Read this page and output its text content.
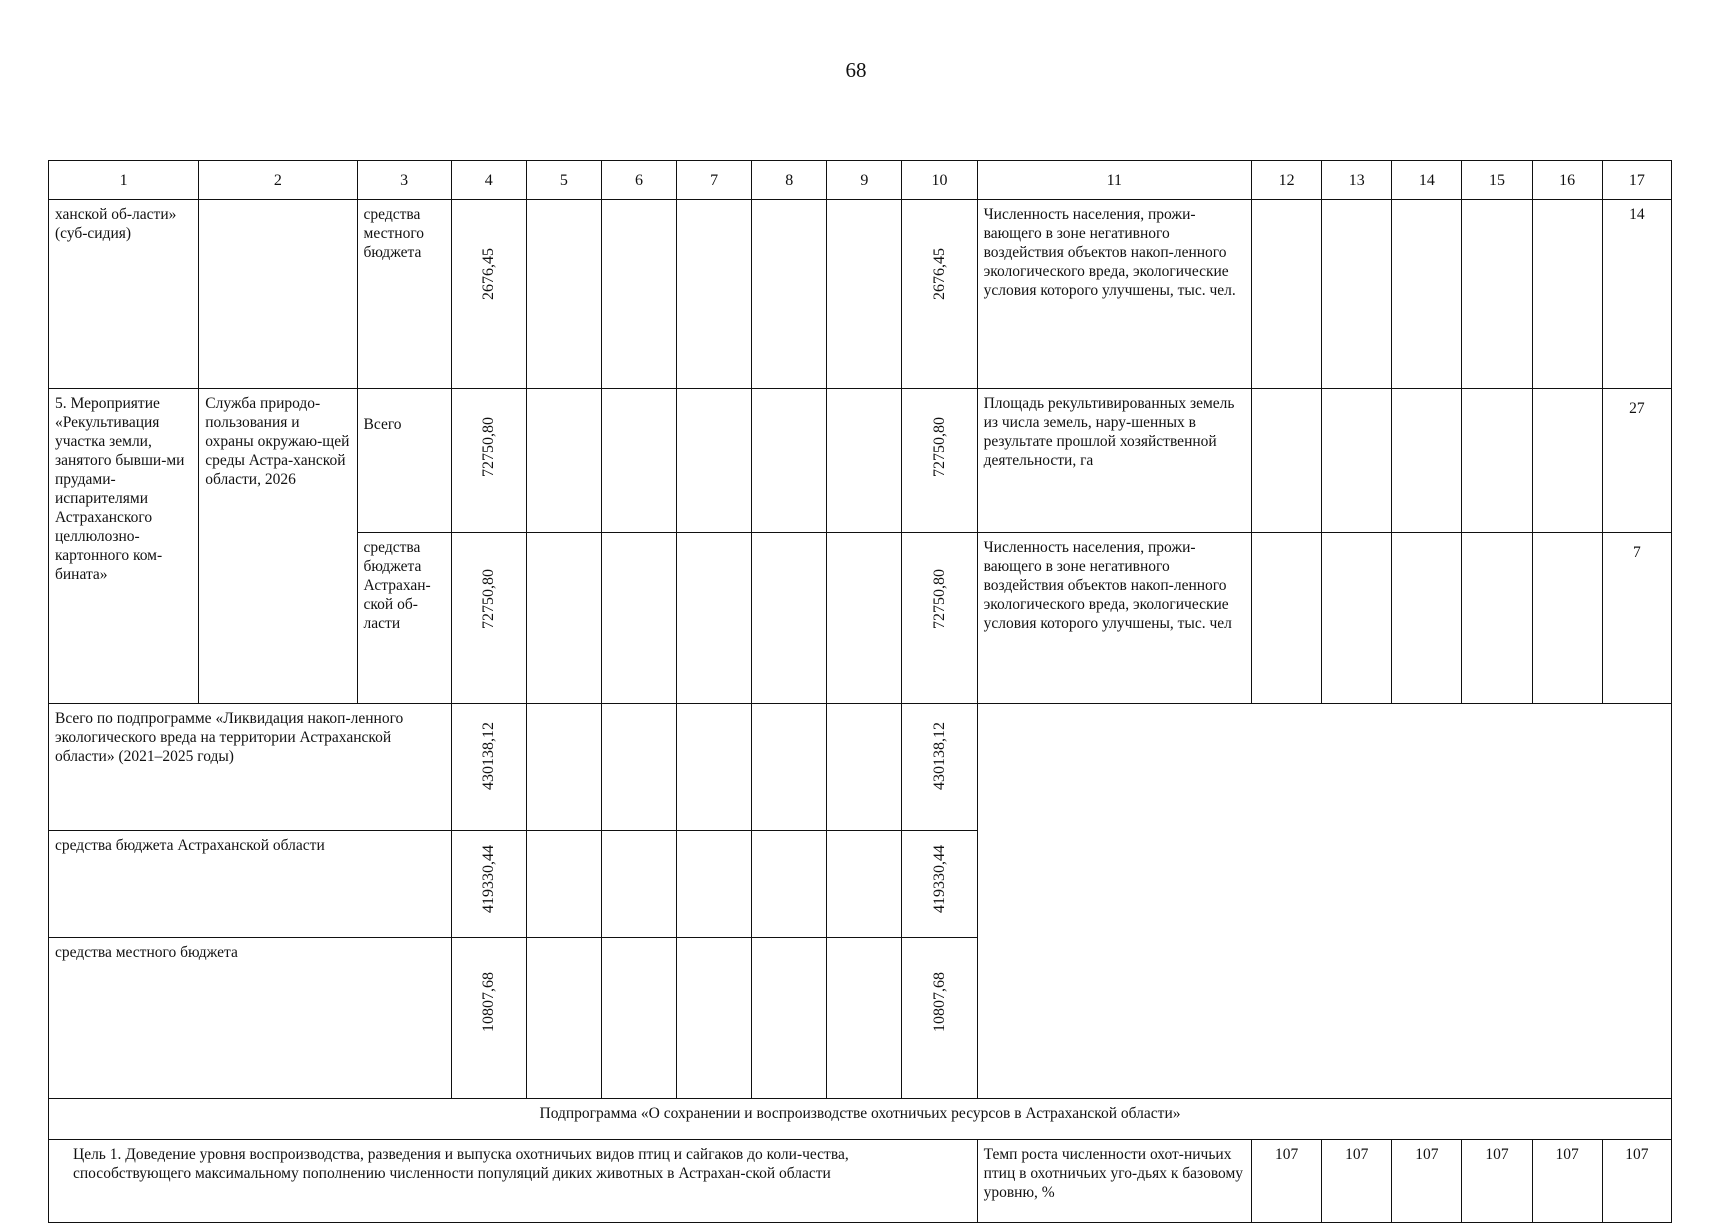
68
1	2	3	4	5	6	7	8	9	10	11	12	13	14	15	16	17
ханской об-ласти» (суб-сидия)		средства местного бюджета	2676,45						2676,45	Численность населения, прожи-вающего в зоне негативного воздействия объектов накоп-ленного экологического вреда, экологические условия которого улучшены, тыс. чел.						14
5. Мероприятие «Рекультивация участка земли, занятого бывши-ми прудами-испарителями Астраханского целлюлозно-картонного ком-бината»	Служба природо-пользования и охраны окружаю-щей среды Астра-ханской области, 2026	Всего	72750,80						72750,80	Площадь рекультивированных земель из числа земель, нару-шенных в результате прошлой хозяйственной деятельности, га						27
		средства бюджета Астрахан-ской об-ласти	72750,80						72750,80	Численность населения, прожи-вающего в зоне негативного воздействия объектов накоп-ленного экологического вреда, экологические условия которого улучшены, тыс. чел						7
Всего по подпрограмме «Ликвидация накоп-ленного экологического вреда на территории Астраханской области» (2021–2025 годы)			430138,12						430138,12							

средства бюджета Астраханской области			419330,44						419330,44							

средства местного бюджета			10807,68						10807,68							

Подпрограмма «О сохранении и воспроизводстве охотничьих ресурсов в Астраханской области»																
Цель 1. Доведение уровня воспроизводства, разведения и выпуска охотничьих видов птиц и сайгаков до коли-чества, способствующего максимальному пополнению численности популяций диких животных в Астрахан-ской области										Темп роста численности охот-ничьих птиц в охотничьих уго-дьях к базовому уровню, %	107	107	107	107	107	107
